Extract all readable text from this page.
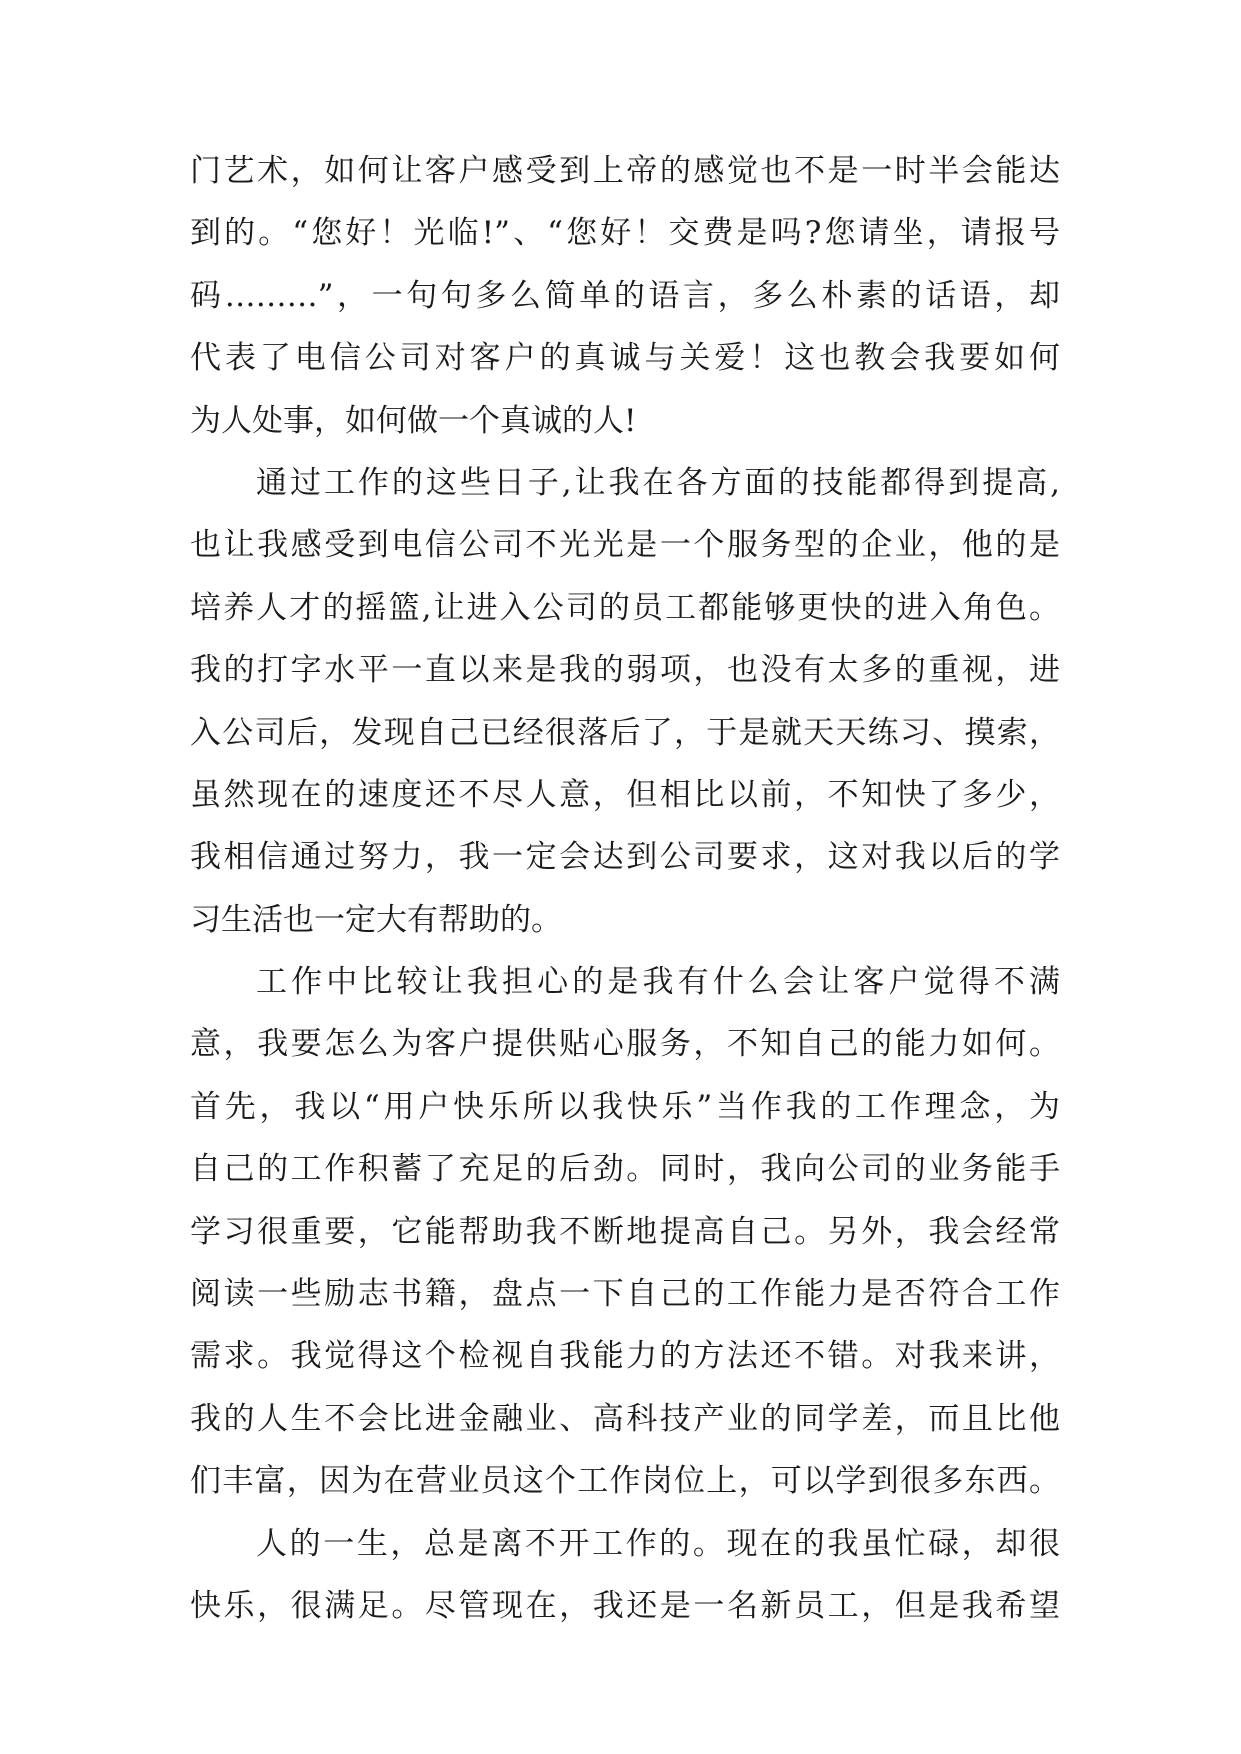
门艺术，如何让客户感受到上帝的感觉也不是一时半会能达
到的。“您好！光临!”、“您好！交费是吗?您请坐，请报号
码………”，一句句多么简单的语言，多么朴素的话语，却
代表了电信公司对客户的真诚与关爱！这也教会我要如何
为人处事，如何做一个真诚的人!
通过工作的这些日子,让我在各方面的技能都得到提高,
也让我感受到电信公司不光光是一个服务型的企业，他的是
培养人才的摇篮,让进入公司的员工都能够更快的进入角色。
我的打字水平一直以来是我的弱项，也没有太多的重视，进
入公司后，发现自己已经很落后了，于是就天天练习、摸索，
虽然现在的速度还不尽人意，但相比以前，不知快了多少，
我相信通过努力，我一定会达到公司要求，这对我以后的学
习生活也一定大有帮助的。
工作中比较让我担心的是我有什么会让客户觉得不满
意，我要怎么为客户提供贴心服务，不知自己的能力如何。
首先，我以“用户快乐所以我快乐”当作我的工作理念，为
自己的工作积蓄了充足的后劲。同时，我向公司的业务能手
学习很重要，它能帮助我不断地提高自己。另外，我会经常
阅读一些励志书籍，盘点一下自己的工作能力是否符合工作
需求。我觉得这个检视自我能力的方法还不错。对我来讲，
我的人生不会比进金融业、高科技产业的同学差，而且比他
们丰富，因为在营业员这个工作岗位上，可以学到很多东西。
人的一生，总是离不开工作的。现在的我虽忙碌，却很
快乐，很满足。尽管现在，我还是一名新员工，但是我希望
